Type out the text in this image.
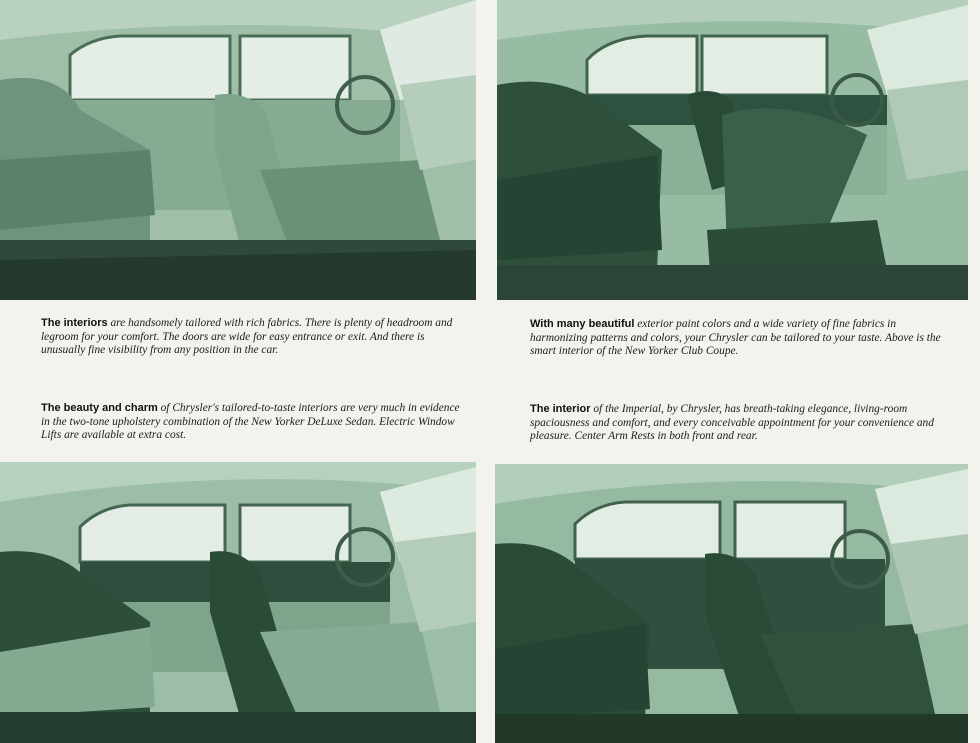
The interiors are handsomely tailored with rich fabrics. There is plenty of headroom and legroom for your comfort. The doors are wide for easy entrance or exit. And there is unusually fine visibility from any position in the car.
With many beautiful exterior paint colors and a wide variety of fine fabrics in harmonizing patterns and colors, your Chrysler can be tailored to your taste. Above is the smart interior of the New Yorker Club Coupe.
The beauty and charm of Chrysler's tailored-to-taste interiors are very much in evidence in the two-tone upholstery combination of the New Yorker DeLuxe Sedan. Electric Window Lifts are available at extra cost.
The interior of the Imperial, by Chrysler, has breath-taking elegance, living-room spaciousness and comfort, and every conceivable appointment for your convenience and pleasure. Center Arm Rests in both front and rear.
